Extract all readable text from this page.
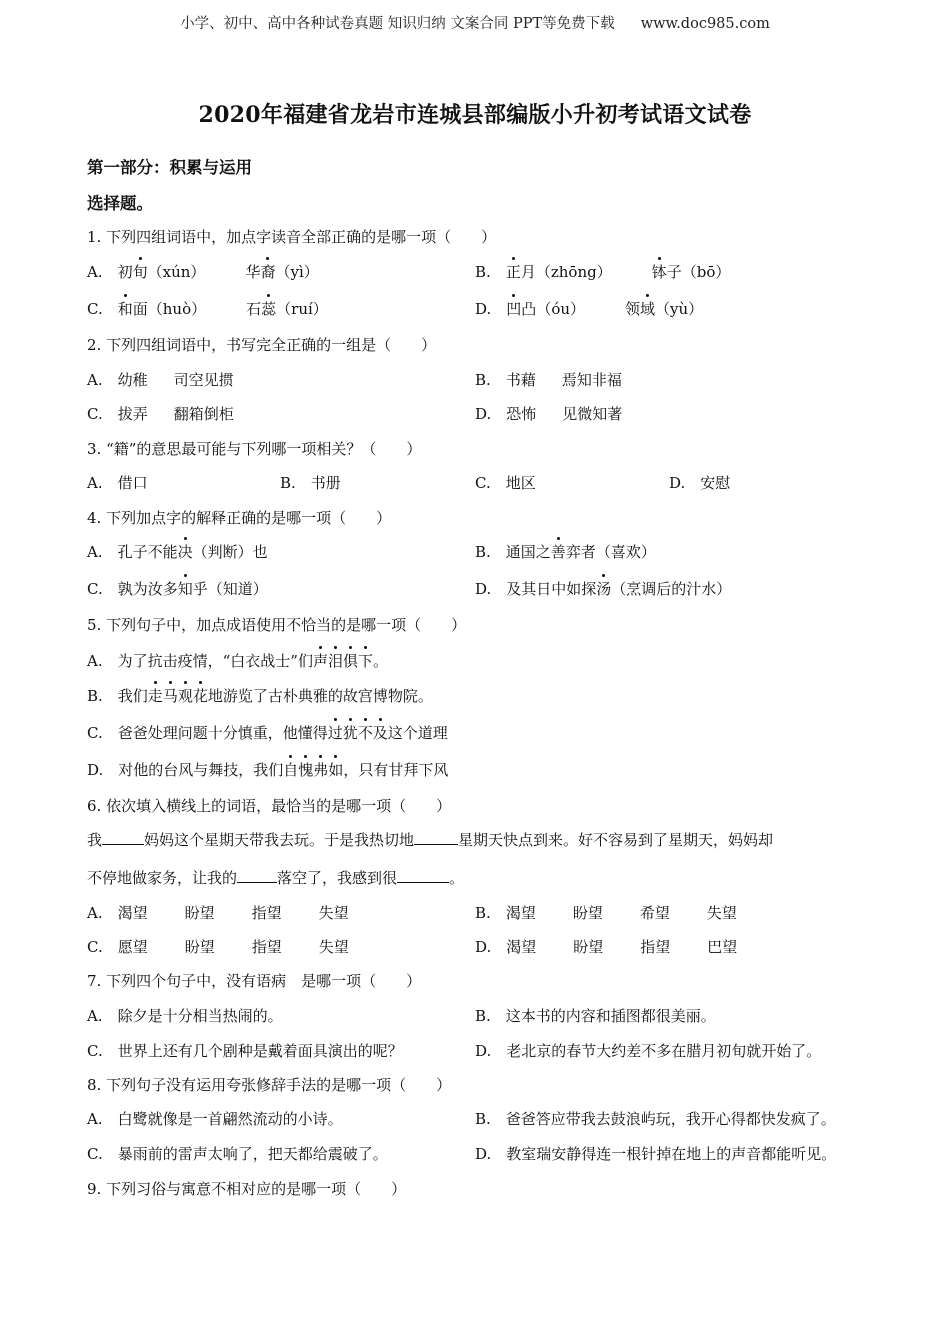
小学、初中、高中各种试卷真题 知识归纳 文案合同 PPT等免费下载 www.doc985.com
2020年福建省龙岩市连城县部编版小升初考试语文试卷
第一部分：积累与运用
选择题。
1. 下列四组词语中，加点字读音全部正确的是哪一项（　　）
A.　 初旬（xún）	华裔（yì）	B.　 正月（zhōng）	钵子（bō）
C.　 和面（huò）	石蕊（ruí）	D.　 凹凸（óu）	领域（yù）
2. 下列四组词语中，书写完全正确的一组是（　　）
A.　 幼稚 司空见掼	B.　 书藉 焉知非福
C.　 拔弄 翻箱倒柜	D.　 恐怖 见微知著
3. “籍”的意思最可能与下列哪一项相关？（　　）
A.　借口	B.　书册	C.　地区	D.　安慰
4. 下列加点字的解释正确的是哪一项（　　）
A.　孔子不能决（判断）也	B.　通国之善弈者（喜欢）
C.　孰为汝多知乎（知道）	D.　及其日中如探汤（烹调后的汁水）
5. 下列句子中，加点成语使用不恰当的是哪一项（　　）
A.　为了抗击疫情，“白衣战士”们声泪俱下。
B.　我们走马观花地游览了古朴典雅的故宫博物院。
C.　爸爸处理问题十分慎重，他懂得过犹不及这个道理
D.　对他的台风与舞技，我们自愧弗如，只有甘拜下风
6. 依次填入横线上的词语，最恰当的是哪一项（　　）
我	妈妈这个星期天带我去玩。于是我热切地	星期天快点到来。好不容易到了星期天，妈妈却
不停地做家务，让我的	落空了，我感到很	。
A.　 渴望 盼望 指望 失望	B.　 渴望 盼望 希望 失望
C.　 愿望 盼望 指望 失望	D.　 渴望 盼望 指望 巴望
7. 下列四个句子中，没有语病　是哪一项（　　）
A.　除夕是十分相当热闹的。	B.　这本书的内容和插图都很美丽。
C.　世界上还有几个剧种是戴着面具演出的呢？	D.　老北京的春节大约差不多在腊月初旬就开始了。
8. 下列句子没有运用夸张修辞手法的是哪一项（　　）
A.　白鹭就像是一首翩然流动的小诗。	B.　爸爸答应带我去鼓浪屿玩，我开心得都快发疯了。
C.　暴雨前的雷声太响了，把天都给震破了。	D.　教室瑞安静得连一根针掉在地上的声音都能听见。
9. 下列习俗与寓意不相对应的是哪一项（　　）
